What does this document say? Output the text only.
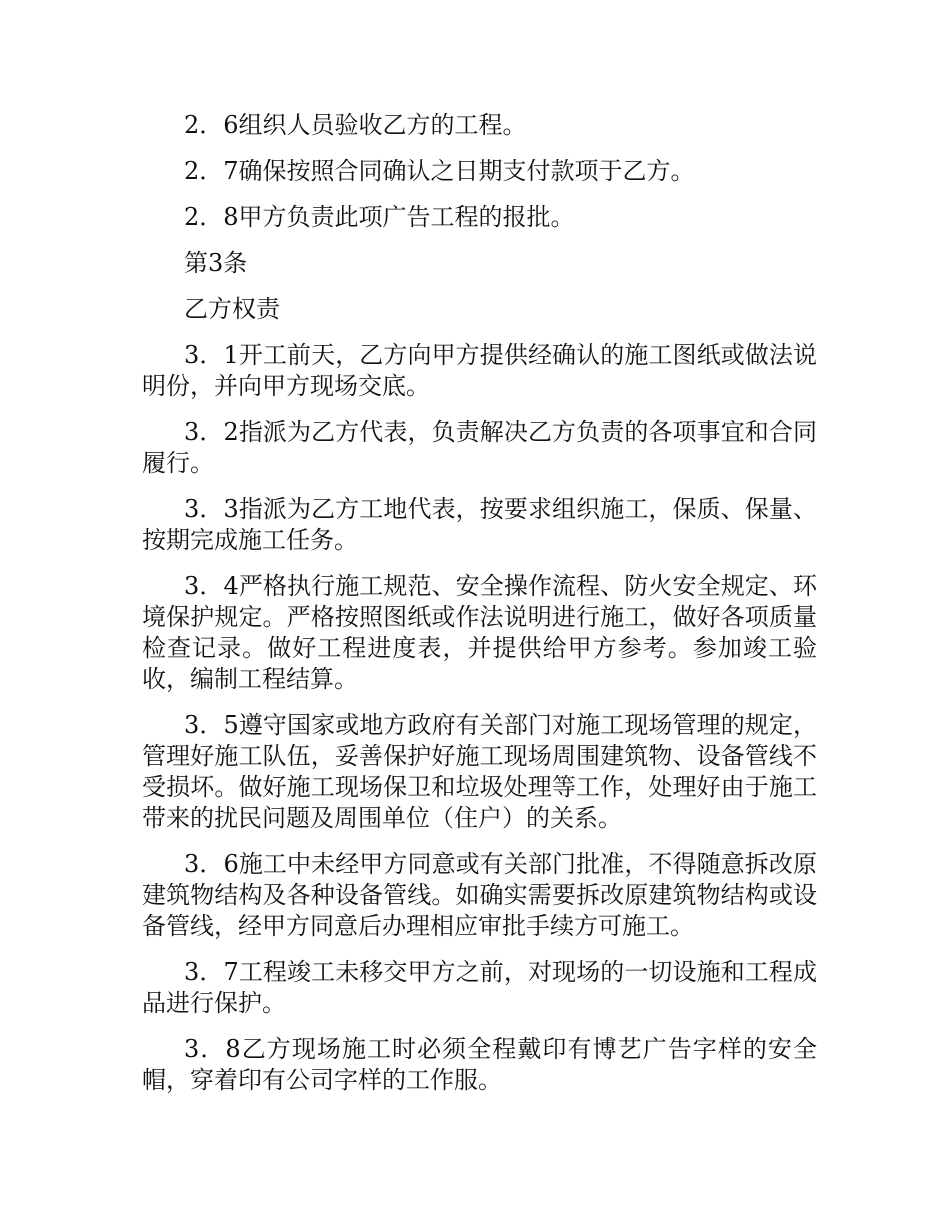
2．6组织人员验收乙方的工程。

2．7确保按照合同确认之日期支付款项于乙方。

2．8甲方负责此项广告工程的报批。

第3条

乙方权责

3．1开工前天，乙方向甲方提供经确认的施工图纸或做法说明份，并向甲方现场交底。

3．2指派为乙方代表，负责解决乙方负责的各项事宜和合同履行。

3．3指派为乙方工地代表，按要求组织施工，保质、保量、按期完成施工任务。

3．4严格执行施工规范、安全操作流程、防火安全规定、环境保护规定。严格按照图纸或作法说明进行施工，做好各项质量检查记录。做好工程进度表，并提供给甲方参考。参加竣工验收，编制工程结算。

3．5遵守国家或地方政府有关部门对施工现场管理的规定，管理好施工队伍，妥善保护好施工现场周围建筑物、设备管线不受损坏。做好施工现场保卫和垃圾处理等工作，处理好由于施工带来的扰民问题及周围单位（住户）的关系。

3．6施工中未经甲方同意或有关部门批准，不得随意拆改原建筑物结构及各种设备管线。如确实需要拆改原建筑物结构或设备管线，经甲方同意后办理相应审批手续方可施工。

3．7工程竣工未移交甲方之前，对现场的一切设施和工程成品进行保护。

3．8乙方现场施工时必须全程戴印有博艺广告字样的安全帽，穿着印有公司字样的工作服。
